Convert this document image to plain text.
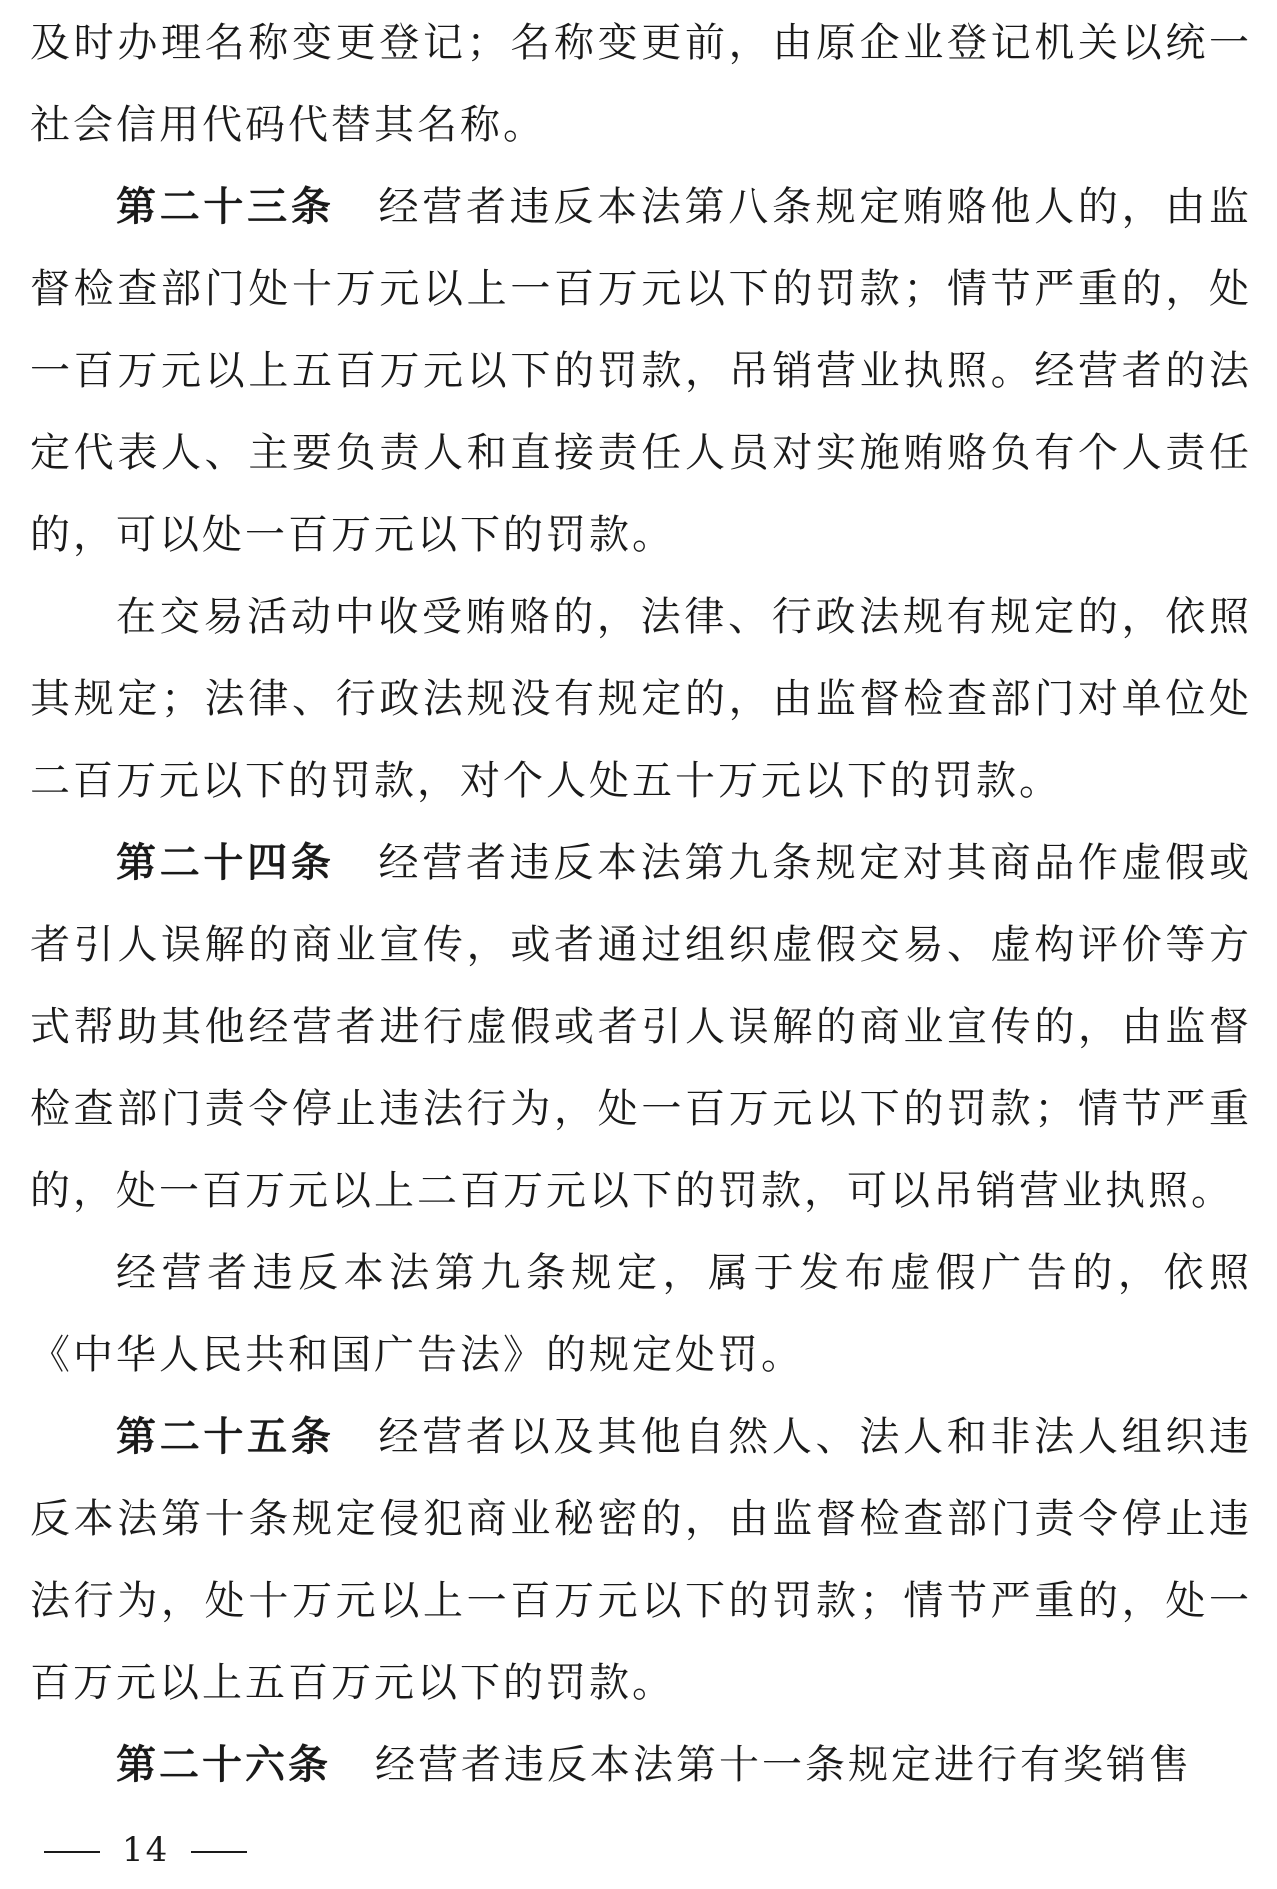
及时办理名称变更登记；名称变更前，由原企业登记机关以统一社会信用代码代替其名称。

第二十三条 经营者违反本法第八条规定贿赂他人的，由监督检查部门处十万元以上一百万元以下的罚款；情节严重的，处一百万元以上五百万元以下的罚款，吊销营业执照。经营者的法定代表人、主要负责人和直接责任人员对实施贿赂负有个人责任的，可以处一百万元以下的罚款。

在交易活动中收受贿赂的，法律、行政法规有规定的，依照其规定；法律、行政法规没有规定的，由监督检查部门对单位处二百万元以下的罚款，对个人处五十万元以下的罚款。

第二十四条 经营者违反本法第九条规定对其商品作虚假或者引人误解的商业宣传，或者通过组织虚假交易、虚构评价等方式帮助其他经营者进行虚假或者引人误解的商业宣传的，由监督检查部门责令停止违法行为，处一百万元以下的罚款；情节严重的，处一百万元以上二百万元以下的罚款，可以吊销营业执照。

经营者违反本法第九条规定，属于发布虚假广告的，依照《中华人民共和国广告法》的规定处罚。

第二十五条 经营者以及其他自然人、法人和非法人组织违反本法第十条规定侵犯商业秘密的，由监督检查部门责令停止违法行为，处十万元以上一百万元以下的罚款；情节严重的，处一百万元以上五百万元以下的罚款。

第二十六条 经营者违反本法第十一条规定进行有奖销售

14
